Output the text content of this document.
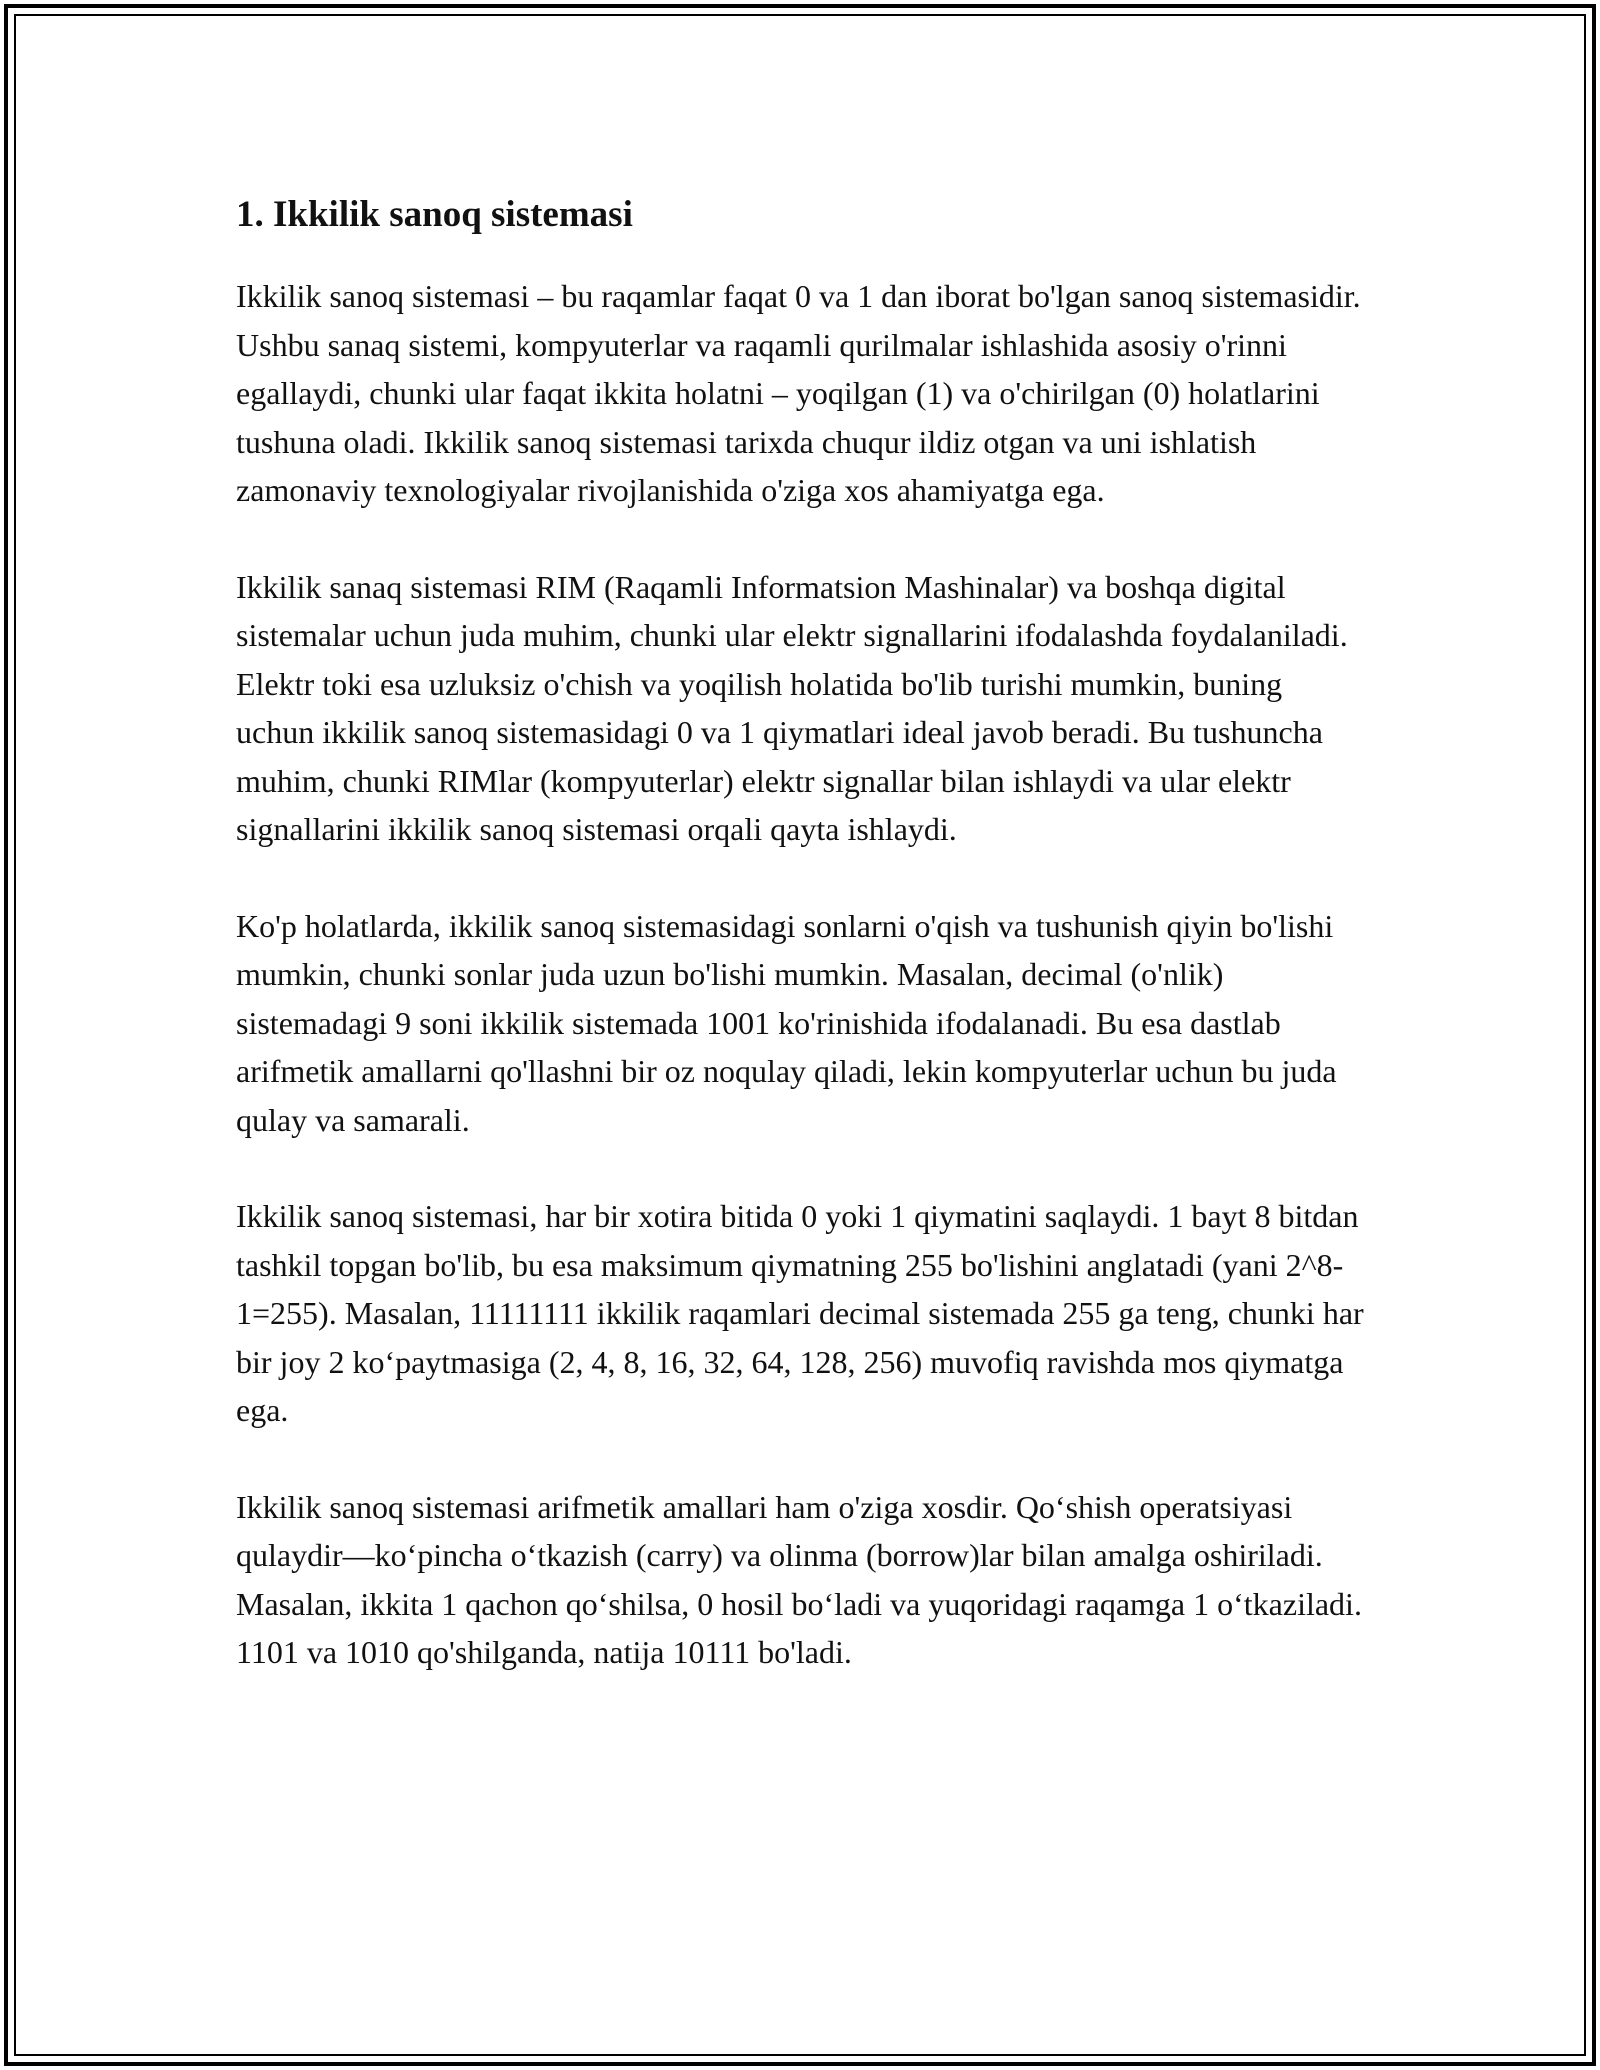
1. Ikkilik sanoq sistemasi

Ikkilik sanoq sistemasi – bu raqamlar faqat 0 va 1 dan iborat bo'lgan sanoq sistemasidir. Ushbu sanaq sistemi, kompyuterlar va raqamli qurilmalar ishlashida asosiy o'rinni egallaydi, chunki ular faqat ikkita holatni – yoqilgan (1) va o'chirilgan (0) holatlarini tushuna oladi. Ikkilik sanoq sistemasi tarixda chuqur ildiz otgan va uni ishlatish zamonaviy texnologiyalar rivojlanishida o'ziga xos ahamiyatga ega.

Ikkilik sanaq sistemasi RIM (Raqamli Informatsion Mashinalar) va boshqa digital sistemalar uchun juda muhim, chunki ular elektr signallarini ifodalashda foydalaniladi. Elektr toki esa uzluksiz o'chish va yoqilish holatida bo'lib turishi mumkin, buning uchun ikkilik sanoq sistemasidagi 0 va 1 qiymatlari ideal javob beradi. Bu tushuncha muhim, chunki RIMlar (kompyuterlar) elektr signallar bilan ishlaydi va ular elektr signallarini ikkilik sanoq sistemasi orqali qayta ishlaydi.

Ko'p holatlarda, ikkilik sanoq sistemasidagi sonlarni o'qish va tushunish qiyin bo'lishi mumkin, chunki sonlar juda uzun bo'lishi mumkin. Masalan, decimal (o'nlik) sistemadagi 9 soni ikkilik sistemada 1001 ko'rinishida ifodalanadi. Bu esa dastlab arifmetik amallarni qo'llashni bir oz noqulay qiladi, lekin kompyuterlar uchun bu juda qulay va samarali.

Ikkilik sanoq sistemasi, har bir xotira bitida 0 yoki 1 qiymatini saqlaydi. 1 bayt 8 bitdan tashkil topgan bo'lib, bu esa maksimum qiymatning 255 bo'lishini anglatadi (yani 2^8-1=255). Masalan, 11111111 ikkilik raqamlari decimal sistemada 255 ga teng, chunki har bir joy 2 ko‘paytmasiga (2, 4, 8, 16, 32, 64, 128, 256) muvofiq ravishda mos qiymatga ega.

Ikkilik sanoq sistemasi arifmetik amallari ham o'ziga xosdir. Qo‘shish operatsiyasi qulaydir—ko‘pincha o‘tkazish (carry) va olinma (borrow)lar bilan amalga oshiriladi. Masalan, ikkita 1 qachon qo‘shilsa, 0 hosil bo‘ladi va yuqoridagi raqamga 1 o‘tkaziladi. 1101 va 1010 qo'shilganda, natija 10111 bo'ladi.
